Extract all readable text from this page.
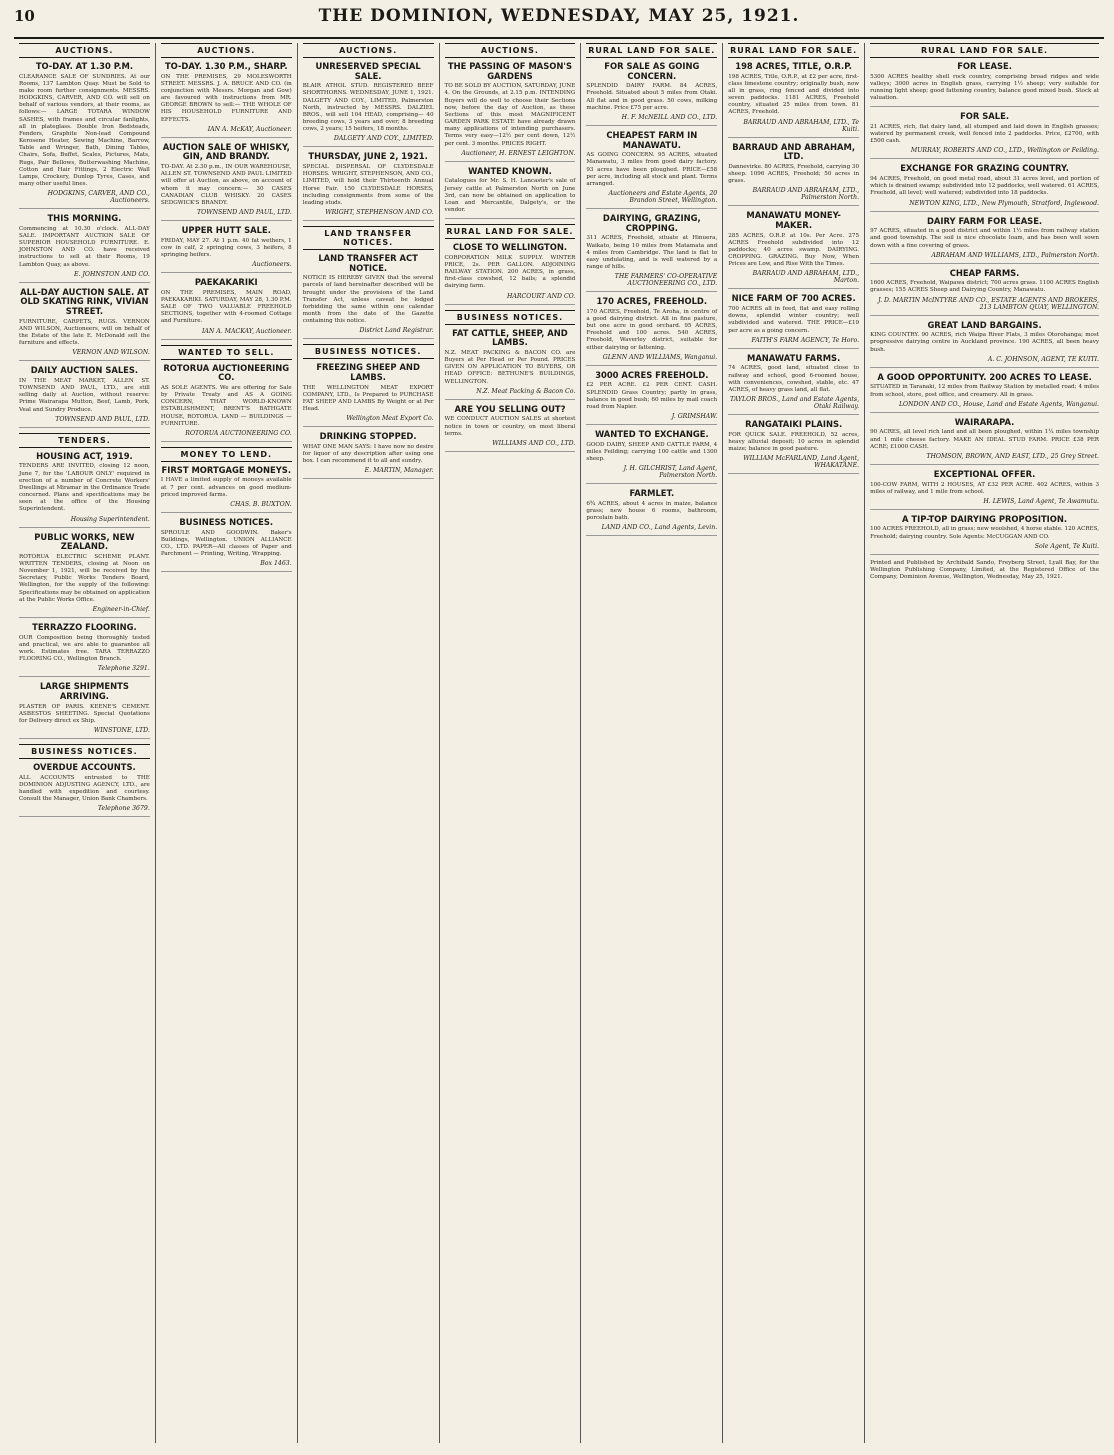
10	THE DOMINION, WEDNESDAY, MAY 25, 1921.
AUCTIONS.
TO-DAY. AT 1.30 P.M.

CLEARANCE SALE OF SUNDRIES. At our Rooms, 137 Lambton Quay. Must be Sold to make room further consignments. MESSRS. HODGKINS, CARVER, AND CO. will sell on behalf of various vendors, at their rooms, as follows:— LARGE TOTARA WINDOW SASHES, with frames and circular fanlights, all in plateglass. Double Iron Bedsteads, Fenders, Graphite Non-lead Compound Kerosene Heater, Sewing Machine, Barrow, Table and Wringer, Bath, Dining Tables, Chairs, Sofa, Buffet, Scales, Pictures, Mats, Rugs, Pair Bellows, Butterwashing Machine, Cotton and Hair Fittings, 2 Electric Wall Lamps, Crockery, Dunlop Tyres, Cases, and many other useful lines.

HODGKINS, CARVER, AND CO., Auctioneers.
THIS MORNING.

Commencing at 10.30 o'clock. ALL-DAY SALE. IMPORTANT AUCTION SALE OF SUPERIOR HOUSEHOLD FURNITURE. E. JOHNSTON AND CO. have received instructions to sell at their Rooms, 19 Lambton Quay, as above.

E. JOHNSTON AND CO.
ALL-DAY AUCTION SALE. AT OLD SKATING RINK, VIVIAN STREET.

FURNITURE, CARPETS, RUGS. VERNON AND WILSON, Auctioneers, will on behalf of the Estate of the late E. McDonald sell the furniture and effects.

VERNON AND WILSON.
DAILY AUCTION SALES.

IN THE MEAT MARKET, ALLEN ST. TOWNSEND AND PAUL, LTD., are still selling daily at Auction, without reserve: Prime Wairarapa Mutton, Beef, Lamb, Pork, Veal and Sundry Produce.

TOWNSEND AND PAUL, LTD.
TENDERS.
HOUSING ACT, 1919.

TENDERS ARE INVITED, closing 12 noon, June 7, for the 'LABOUR ONLY' required in erection of a number of Concrete Workers' Dwellings at Miramar in the Ordinance Trade concerned. Plans and specifications may be seen at the office of the Housing Superintendent.

Housing Superintendent.
PUBLIC WORKS, NEW ZEALAND.

ROTORUA ELECTRIC SCHEME PLANT. WRITTEN TENDERS, closing at Noon on November 1, 1921, will be received by the Secretary, Public Works Tenders Board, Wellington, for the supply of the following: Specifications may be obtained on application at the Public Works Office.

Engineer-in-Chief.
TERRAZZO FLOORING.

OUR Composition being thoroughly tested and practical, we are able to guarantee all work. Estimates free. TARA TERRAZZO FLOORING CO., Wellington Branch.

Telephone 3291.
LARGE SHIPMENTS ARRIVING.

PLASTER OF PARIS. KEENE'S CEMENT. ASBESTOS SHEETING. Special Quotations for Delivery direct ex Ship.

WINSTONE, LTD.
BUSINESS NOTICES.
OVERDUE ACCOUNTS.

ALL ACCOUNTS entrusted to THE DOMINION ADJUSTING AGENCY, LTD., are handled with expedition and courtesy. Consult the Manager, Union Bank Chambers.

Telephone 3679.
AUCTIONS.
TO-DAY. 1.30 P.M., SHARP.

ON THE PREMISES, 29 MOLESWORTH STREET. MESSRS. J. A. BRUCE AND CO. (in conjunction with Messrs. Morgan and Gow) are favoured with instructions from MR. GEORGE BROWN to sell:— THE WHOLE OF HIS HOUSEHOLD FURNITURE AND EFFECTS.

IAN A. McKAY, Auctioneer.
AUCTION SALE OF WHISKY, GIN, AND BRANDY.

TO-DAY. At 2.30 p.m., IN OUR WAREHOUSE, ALLEN ST. TOWNSEND AND PAUL LIMITED will offer at Auction, as above, on account of whom it may concern:— 30 CASES CANADIAN CLUB WHISKY. 20 CASES SEDGWICK'S BRANDY.

TOWNSEND AND PAUL, LTD.
UPPER HUTT SALE.

FRIDAY, MAY 27. At 1 p.m. 40 fat wethers, 1 cow in calf, 2 springing cows, 3 heifers, 8 springing heifers.

Auctioneers.
PAEKAKARIKI

ON THE PREMISES, MAIN ROAD, PAEKAKARIKI. SATURDAY, MAY 28, 1.30 P.M. SALE OF TWO VALUABLE FREEHOLD SECTIONS, together with 4-roomed Cottage and Furniture.

IAN A. MACKAY, Auctioneer.
WANTED TO SELL.
ROTORUA AUCTIONEERING CO.

AS SOLE AGENTS. We are offering for Sale by Private Treaty and AS A GOING CONCERN, THAT WORLD-KNOWN ESTABLISHMENT, BRENT'S BATHGATE HOUSE, ROTORUA. LAND — BUILDINGS — FURNITURE.

ROTORUA AUCTIONEERING CO.
MONEY TO LEND.
FIRST MORTGAGE MONEYS.

I HAVE a limited supply of moneys available at 7 per cent. advances on good medium-priced improved farms.

CHAS. B. BUXTON.
BUSINESS NOTICES.

SPROULE AND GOODWIN. Baker's Buildings, Wellington. UNION ALLIANCE CO., LTD. PAPER—All classes of Paper and Parchment — Printing, Writing, Wrapping.

Box 1463.
AUCTIONS.
UNRESERVED SPECIAL SALE.

BLAIR ATHOL STUD. REGISTERED BEEF SHORTHORNS. WEDNESDAY, JUNE 1, 1921. DALGETY AND COY., LIMITED, Palmerston North, instructed by MESSRS. DALZIEL BROS., will sell 104 HEAD, comprising— 40 breeding cows, 3 years and over; 8 breeding cows, 2 years; 15 heifers, 18 months.

DALGETY AND COY., LIMITED.
THURSDAY, JUNE 2, 1921.

SPECIAL DISPERSAL OF CLYDESDALE HORSES. WRIGHT, STEPHENSON, AND CO., LIMITED, will hold their Thirteenth Annual Horse Fair. 150 CLYDESDALE HORSES, including consignments from some of the leading studs.

WRIGHT, STEPHENSON AND CO.
LAND TRANSFER NOTICES.
LAND TRANSFER ACT NOTICE.

NOTICE IS HEREBY GIVEN that the several parcels of land hereinafter described will be brought under the provisions of the Land Transfer Act, unless caveat be lodged forbidding the same within one calendar month from the date of the Gazette containing this notice.

District Land Registrar.
BUSINESS NOTICES.
FREEZING SHEEP AND LAMBS.

THE WELLINGTON MEAT EXPORT COMPANY, LTD., Is Prepared to PURCHASE FAT SHEEP AND LAMBS By Weight or at Per Head.

Wellington Meat Export Co.
DRINKING STOPPED.

WHAT ONE MAN SAYS: I have now no desire for liquor of any description after using one box. I can recommend it to all and sundry.

E. MARTIN, Manager.
AUCTIONS.
THE PASSING OF MASON'S GARDENS

TO BE SOLD BY AUCTION, SATURDAY, JUNE 4. On the Grounds, at 2.15 p.m. INTENDING Buyers will do well to choose their Sections now, before the day of Auction, as these Sections of this most MAGNIFICENT GARDEN PARK ESTATE have already drawn many applications of intending purchasers. Terms very easy—12½ per cent down, 12½ per cent. 3 months. PRICES RIGHT.

Auctioneer, H. ERNEST LEIGHTON.
WANTED KNOWN.

Catalogues for Mr. S. H. Lancaster's sale of Jersey cattle at Palmerston North on June 3rd, can now be obtained on application to Loan and Mercantile, Dalgety's, or the vendor.

RURAL LAND FOR SALE.
CLOSE TO WELLINGTON.

CORPORATION MILK SUPPLY. WINTER PRICE, 2s. PER GALLON. ADJOINING RAILWAY STATION. 200 ACRES, in grass, first-class cowshed, 12 bails; a splendid dairying farm.

HARCOURT AND CO.
BUSINESS NOTICES.
FAT CATTLE, SHEEP, AND LAMBS.

N.Z. MEAT PACKING & BACON CO. are Buyers at Per Head or Per Pound. PRICES GIVEN ON APPLICATION TO BUYERS, OR HEAD OFFICE: BETHUNE'S BUILDINGS, WELLINGTON.

N.Z. Meat Packing & Bacon Co.
ARE YOU SELLING OUT?

WE CONDUCT AUCTION SALES at shortest notice in town or country, on most liberal terms.

WILLIAMS AND CO., LTD.
RURAL LAND FOR SALE.
FOR SALE AS GOING CONCERN.

SPLENDID DAIRY FARM. 84 ACRES, Freehold. Situated about 5 miles from Otaki. All flat and in good grass. 50 cows, milking machine. Price £75 per acre.

H. F. McNEILL AND CO., LTD.
CHEAPEST FARM IN MANAWATU.

AS GOING CONCERN. 95 ACRES, situated Manawatu, 3 miles from good dairy factory. 93 acres have been ploughed. PRICE—£58 per acre, including all stock and plant. Terms arranged.

Auctioneers and Estate Agents, 20 Brandon Street, Wellington.
DAIRYING, GRAZING, CROPPING.

311 ACRES, Freehold, situate at Hinuera, Waikato, being 10 miles from Matamata and 4 miles from Cambridge. The land is flat to easy undulating, and is well watered by a range of hills.

THE FARMERS' CO-OPERATIVE AUCTIONEERING CO., LTD.
170 ACRES, FREEHOLD.

170 ACRES, Freehold, Te Aroha, in centre of a good dairying district. All in fine pasture, but one acre in good orchard. 95 ACRES, Freehold and 100 acres. 540 ACRES, Freehold, Waverley district, suitable for either dairying or fattening.

GLENN AND WILLIAMS, Wanganui.
3000 ACRES FREEHOLD.

£2 PER ACRE. £2 PER CENT. CASH. SPLENDID Grass Country; partly in grass, balance in good bush; 60 miles by mail coach road from Napier.

J. GRIMSHAW.
WANTED TO EXCHANGE.

GOOD DAIRY, SHEEP AND CATTLE FARM, 4 miles Feilding; carrying 100 cattle and 1300 sheep.

J. H. GILCHRIST, Land Agent, Palmerston North.
FARMLET.

6¾ ACRES, about 4 acres in maize, balance grass; new house 6 rooms, bathroom, porcelain bath.

LAND AND CO., Land Agents, Levin.
RURAL LAND FOR SALE.
198 ACRES, TITLE, O.R.P.

198 ACRES, Title, O.R.P., at £2 per acre, first-class limestone country; originally bush, now all in grass, ring fenced and divided into seven paddocks. 1181 ACRES, Freehold country, situated 25 miles from town. 81 ACRES, Freehold.

BARRAUD AND ABRAHAM, LTD., Te Kuiti.
BARRAUD AND ABRAHAM, LTD.

Dannevirke. 80 ACRES, Freehold, carrying 30 sheep. 1096 ACRES, Freehold; 50 acres in grass.

BARRAUD AND ABRAHAM, LTD., Palmerston North.
MANAWATU MONEY-MAKER.

285 ACRES, O.R.P. at 10s. Per Acre. 275 ACRES Freehold subdivided into 12 paddocks; 40 acres swamp. DAIRYING. CROPPING. GRAZING. Buy Now, When Prices are Low, and Rise With the Times.

BARRAUD AND ABRAHAM, LTD., Marton.
NICE FARM OF 700 ACRES.

700 ACRES all in feed, flat and easy rolling downs, splendid winter country; well subdivided and watered. THE PRICE—£19 per acre as a going concern.

FAITH'S FARM AGENCY, Te Horo.
MANAWATU FARMS.

74 ACRES, good land, situated close to railway and school, good 6-roomed house, with conveniences, cowshed, stable, etc. 47 ACRES, of heavy grass land, all flat.

TAYLOR BROS., Land and Estate Agents, Otaki Railway.
RANGATAIKI PLAINS.

FOR QUICK SALE. FREEHOLD, 52 acres, heavy alluvial deposit; 10 acres in splendid maize; balance in good pasture.

WILLIAM McFARLAND, Land Agent, WHAKATANE.
RURAL LAND FOR SALE.
FOR LEASE.

5300 ACRES healthy shell rock country, comprising broad ridges and wide valleys; 3000 acres in English grass, carrying 1½ sheep; very suitable for running light sheep; good fattening country, balance good mixed bush. Stock at valuation.

FOR SALE.

21 ACRES, rich, flat dairy land, all stumped and laid down in English grasses; watered by permanent creek, well fenced into 2 paddocks. Price, £2700, with £500 cash.

MURRAY, ROBERTS AND CO., LTD., Wellington or Feilding.
EXCHANGE FOR GRAZING COUNTRY.

94 ACRES, Freehold, on good metal road, about 31 acres level, and portion of which is drained swamp; subdivided into 12 paddocks, well watered. 61 ACRES, Freehold, all level; well watered; subdivided into 18 paddocks.

NEWTON KING, LTD., New Plymouth, Stratford, Inglewood.
DAIRY FARM FOR LEASE.

97 ACRES, situated in a good district and within 1½ miles from railway station and good township. The soil is nice chocolate loam, and has been well sown down with a fine covering of grass.

ABRAHAM AND WILLIAMS, LTD., Palmerston North.
CHEAP FARMS.

1600 ACRES, Freehold, Waipawa district; 700 acres grass. 1100 ACRES English grasses; 155 ACRES Sheep and Dairying Country, Manawatu.

J. D. MARTIN McINTYRE AND CO., ESTATE AGENTS AND BROKERS, 213 LAMBTON QUAY, WELLINGTON.
GREAT LAND BARGAINS.

KING COUNTRY. 90 ACRES, rich Waipa River Flats, 3 miles Otorohanga; most progressive dairying centre in Auckland province. 190 ACRES, all been heavy bush.

A. C. JOHNSON, AGENT, TE KUITI.
A GOOD OPPORTUNITY. 200 ACRES TO LEASE.

SITUATED in Taranaki, 12 miles from Railway Station by metalled road; 4 miles from school, store, post office, and creamery. All in grass.

LONDON AND CO., House, Land and Estate Agents, Wanganui.
WAIRARAPA.

90 ACRES, all level rich land and all been ploughed, within 1¼ miles township and 1 mile cheese factory. MAKE AN IDEAL STUD FARM. PRICE £38 PER ACRE; £1000 CASH.

THOMSON, BROWN, AND EAST, LTD., 25 Grey Street.
EXCEPTIONAL OFFER.

100-COW FARM, WITH 2 HOUSES, AT £32 PER ACRE. 402 ACRES, within 3 miles of railway, and 1 mile from school.

H. LEWIS, Land Agent, Te Awamutu.
A TIP-TOP DAIRYING PROPOSITION.

100 ACRES FREEHOLD, all in grass; new woolshed, 4 horse stable. 120 ACRES, Freehold; dairying country. Sole Agents: McCUGGAN AND CO.

Sole Agent, Te Kuiti.

Printed and Published by Archibald Sando, Freyberg Street, Lyall Bay, for the Wellington Publishing Company, Limited, at the Registered Office of the Company, Dominion Avenue, Wellington, Wednesday, May 25, 1921.
